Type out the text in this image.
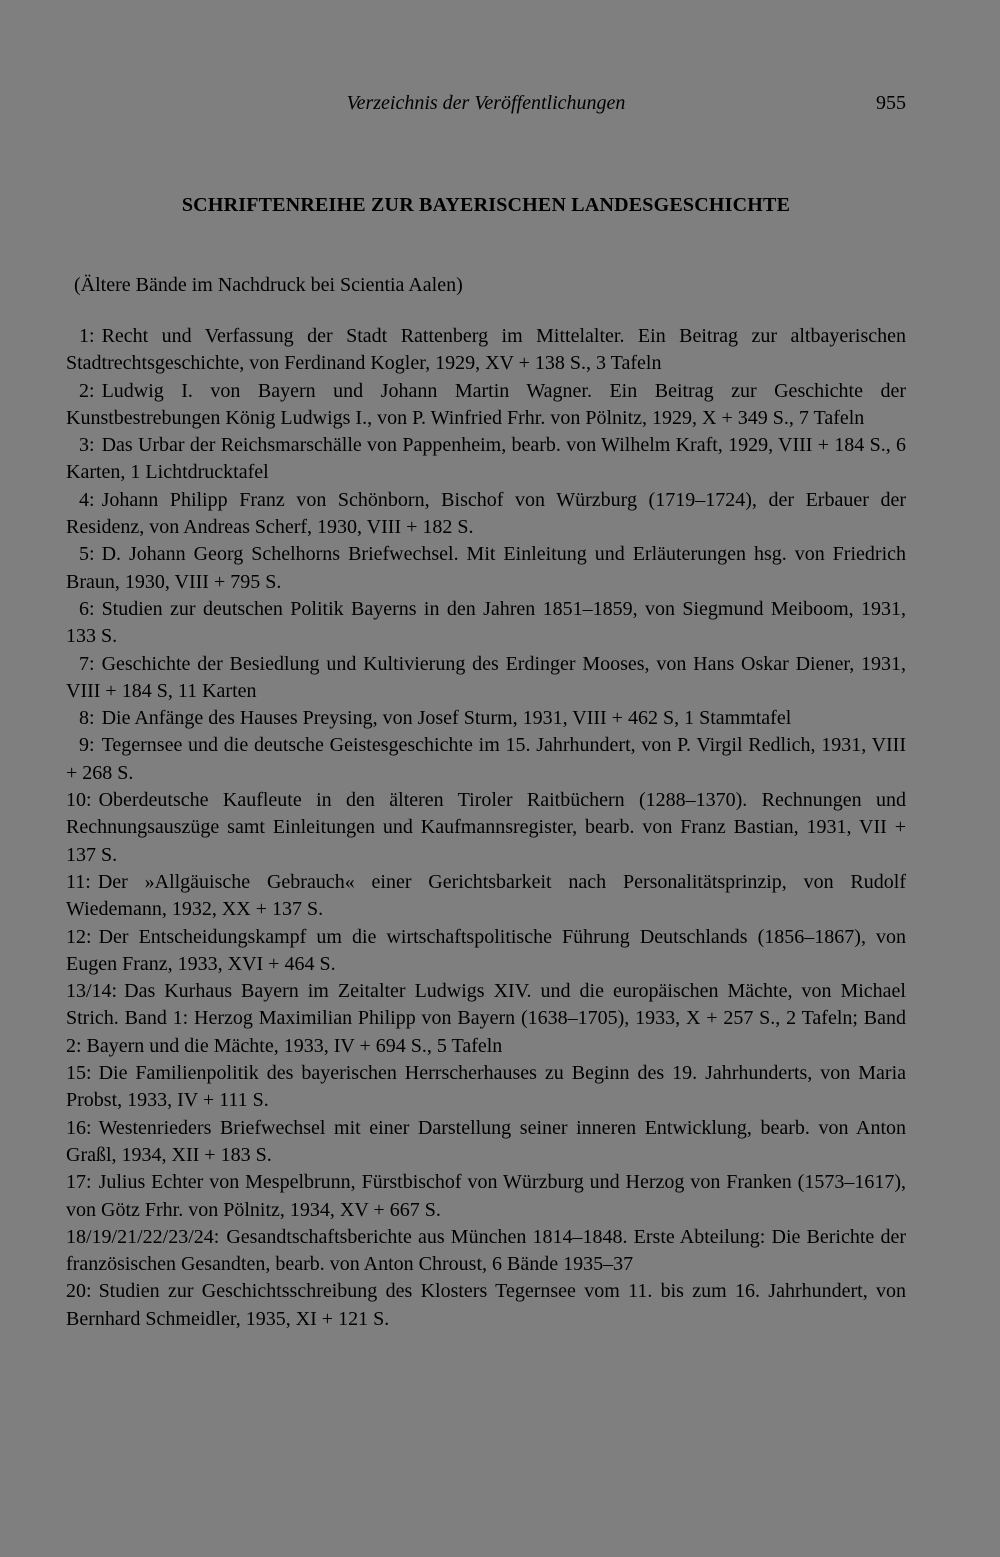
Verzeichnis der Veröffentlichungen	955
SCHRIFTENREIHE ZUR BAYERISCHEN LANDESGESCHICHTE
(Ältere Bände im Nachdruck bei Scientia Aalen)
1: Recht und Verfassung der Stadt Rattenberg im Mittelalter. Ein Beitrag zur altbayerischen Stadtrechtsgeschichte, von Ferdinand Kogler, 1929, XV + 138 S., 3 Tafeln
2: Ludwig I. von Bayern und Johann Martin Wagner. Ein Beitrag zur Geschichte der Kunstbestrebungen König Ludwigs I., von P. Winfried Frhr. von Pölnitz, 1929, X + 349 S., 7 Tafeln
3: Das Urbar der Reichsmarschälle von Pappenheim, bearb. von Wilhelm Kraft, 1929, VIII + 184 S., 6 Karten, 1 Lichtdrucktafel
4: Johann Philipp Franz von Schönborn, Bischof von Würzburg (1719–1724), der Erbauer der Residenz, von Andreas Scherf, 1930, VIII + 182 S.
5: D. Johann Georg Schelhorns Briefwechsel. Mit Einleitung und Erläuterungen hsg. von Friedrich Braun, 1930, VIII + 795 S.
6: Studien zur deutschen Politik Bayerns in den Jahren 1851–1859, von Siegmund Meiboom, 1931, 133 S.
7: Geschichte der Besiedlung und Kultivierung des Erdinger Mooses, von Hans Oskar Diener, 1931, VIII + 184 S, 11 Karten
8: Die Anfänge des Hauses Preysing, von Josef Sturm, 1931, VIII + 462 S, 1 Stammtafel
9: Tegernsee und die deutsche Geistesgeschichte im 15. Jahrhundert, von P. Virgil Redlich, 1931, VIII + 268 S.
10: Oberdeutsche Kaufleute in den älteren Tiroler Raitbüchern (1288–1370). Rechnungen und Rechnungsauszüge samt Einleitungen und Kaufmannsregister, bearb. von Franz Bastian, 1931, VII + 137 S.
11: Der »Allgäuische Gebrauch« einer Gerichtsbarkeit nach Personalitätsprinzip, von Rudolf Wiedemann, 1932, XX + 137 S.
12: Der Entscheidungskampf um die wirtschaftspolitische Führung Deutschlands (1856–1867), von Eugen Franz, 1933, XVI + 464 S.
13/14: Das Kurhaus Bayern im Zeitalter Ludwigs XIV. und die europäischen Mächte, von Michael Strich. Band 1: Herzog Maximilian Philipp von Bayern (1638–1705), 1933, X + 257 S., 2 Tafeln; Band 2: Bayern und die Mächte, 1933, IV + 694 S., 5 Tafeln
15: Die Familienpolitik des bayerischen Herrscherhauses zu Beginn des 19. Jahrhunderts, von Maria Probst, 1933, IV + 111 S.
16: Westenrieders Briefwechsel mit einer Darstellung seiner inneren Entwicklung, bearb. von Anton Graßl, 1934, XII + 183 S.
17: Julius Echter von Mespelbrunn, Fürstbischof von Würzburg und Herzog von Franken (1573–1617), von Götz Frhr. von Pölnitz, 1934, XV + 667 S.
18/19/21/22/23/24: Gesandtschaftsberichte aus München 1814–1848. Erste Abteilung: Die Berichte der französischen Gesandten, bearb. von Anton Chroust, 6 Bände 1935–37
20: Studien zur Geschichtsschreibung des Klosters Tegernsee vom 11. bis zum 16. Jahrhundert, von Bernhard Schmeidler, 1935, XI + 121 S.
